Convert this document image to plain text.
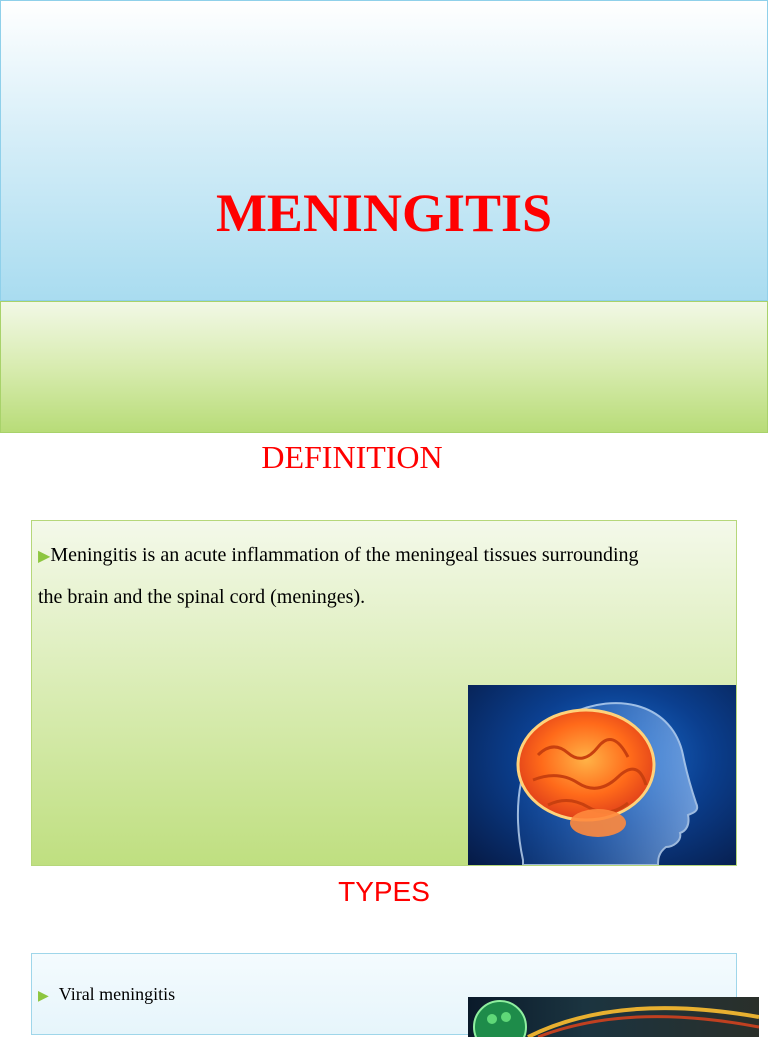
MENINGITIS
DEFINITION
▶Meningitis is an acute inflammation of the meningeal tissues surrounding
the brain and the spinal cord (meninges).
TYPES
▶ Viral meningitis
